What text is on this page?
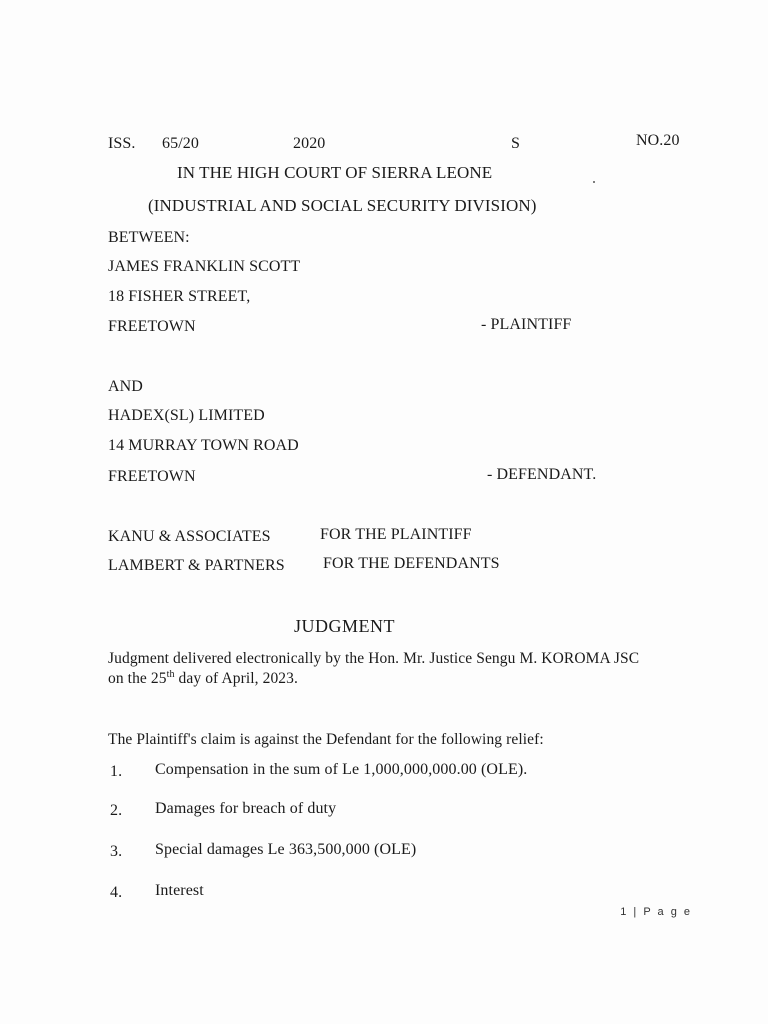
ISS. 65/20	2020	S	NO.20
IN THE HIGH COURT OF SIERRA LEONE
(INDUSTRIAL AND SOCIAL SECURITY DIVISION)
BETWEEN:
JAMES FRANKLIN SCOTT
18 FISHER STREET,
FREETOWN	- PLAINTIFF
AND
HADEX(SL) LIMITED
14 MURRAY TOWN ROAD
FREETOWN	- DEFENDANT.
KANU & ASSOCIATES	FOR THE PLAINTIFF
LAMBERT & PARTNERS FOR THE DEFENDANTS
JUDGMENT
Judgment delivered electronically by the Hon. Mr. Justice Sengu M. KOROMA JSC
on the 25th day of April, 2023.
The Plaintiff's claim is against the Defendant for the following relief:
1. Compensation in the sum of Le 1,000,000,000.00 (OLE).
2. Damages for breach of duty
3. Special damages Le 363,500,000 (OLE)
4. Interest
1 | P a g e
